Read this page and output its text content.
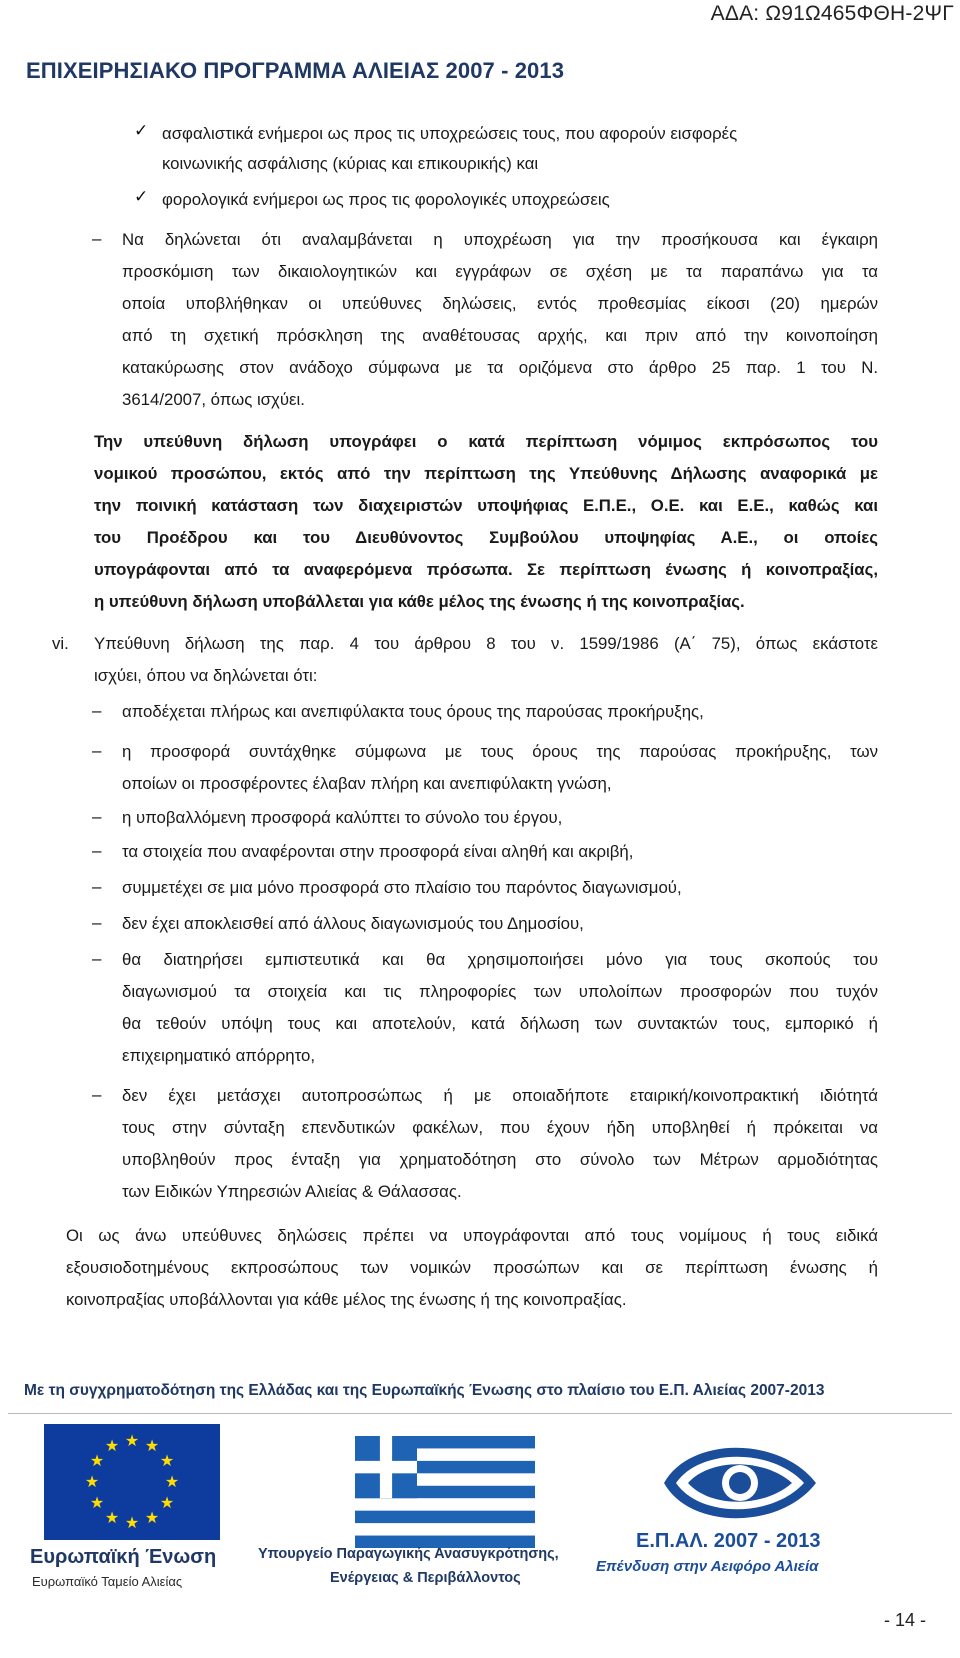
ΑΔΑ: Ω91Ω465ΦΘΗ-2ΨΓ
ΕΠΙΧΕΙΡΗΣΙΑΚΟ ΠΡΟΓΡΑΜΜΑ ΑΛΙΕΙΑΣ 2007 - 2013
✓ ασφαλιστικά ενήμεροι ως προς τις υποχρεώσεις τους, που αφορούν εισφορές
κοινωνικής ασφάλισης (κύριας και επικουρικής) και
✓ φορολογικά ενήμεροι ως προς τις φορολογικές υποχρεώσεις
– Να δηλώνεται ότι αναλαμβάνεται η υποχρέωση για την προσήκουσα και έγκαιρη
προσκόμιση των δικαιολογητικών και εγγράφων σε σχέση με τα παραπάνω για τα
οποία υποβλήθηκαν οι υπεύθυνες δηλώσεις, εντός προθεσμίας είκοσι (20) ημερών
από τη σχετική πρόσκληση της αναθέτουσας αρχής, και πριν από την κοινοποίηση
κατακύρωσης στον ανάδοχο σύμφωνα με τα οριζόμενα στο άρθρο 25 παρ. 1 του Ν.
3614/2007, όπως ισχύει.
Την υπεύθυνη δήλωση υπογράφει ο κατά περίπτωση νόμιμος εκπρόσωπος του
νομικού προσώπου, εκτός από την περίπτωση της Υπεύθυνης Δήλωσης αναφορικά με
την ποινική κατάσταση των διαχειριστών υποψήφιας Ε.Π.Ε., Ο.Ε. και Ε.Ε., καθώς και
του Προέδρου και του Διευθύνοντος Συμβούλου υποψηφίας Α.Ε., οι οποίες
υπογράφονται από τα αναφερόμενα πρόσωπα. Σε περίπτωση ένωσης ή κοινοπραξίας,
η υπεύθυνη δήλωση υποβάλλεται για κάθε μέλος της ένωσης ή της κοινοπραξίας.
vi. Υπεύθυνη δήλωση της παρ. 4 του άρθρου 8 του ν. 1599/1986 (Α΄ 75), όπως εκάστοτε
ισχύει, όπου να δηλώνεται ότι:
– αποδέχεται πλήρως και ανεπιφύλακτα τους όρους της παρούσας προκήρυξης,
– η προσφορά συντάχθηκε σύμφωνα με τους όρους της παρούσας προκήρυξης, των
οποίων οι προσφέροντες έλαβαν πλήρη και ανεπιφύλακτη γνώση,
– η υποβαλλόμενη προσφορά καλύπτει το σύνολο του έργου,
– τα στοιχεία που αναφέρονται στην προσφορά είναι αληθή και ακριβή,
– συμμετέχει σε μια μόνο προσφορά στο πλαίσιο του παρόντος διαγωνισμού,
– δεν έχει αποκλεισθεί από άλλους διαγωνισμούς του Δημοσίου,
– θα διατηρήσει εμπιστευτικά και θα χρησιμοποιήσει μόνο για τους σκοπούς του
διαγωνισμού τα στοιχεία και τις πληροφορίες των υπολοίπων προσφορών που τυχόν
θα τεθούν υπόψη τους και αποτελούν, κατά δήλωση των συντακτών τους, εμπορικό ή
επιχειρηματικό απόρρητο,
– δεν έχει μετάσχει αυτοπροσώπως ή με οποιαδήποτε εταιρική/κοινοπρακτική ιδιότητά
τους στην σύνταξη επενδυτικών φακέλων, που έχουν ήδη υποβληθεί ή πρόκειται να
υποβληθούν προς ένταξη για χρηματοδότηση στο σύνολο των Μέτρων αρμοδιότητας
των Ειδικών Υπηρεσιών Αλιείας & Θάλασσας.
Οι ως άνω υπεύθυνες δηλώσεις πρέπει να υπογράφονται από τους νομίμους ή τους ειδικά
εξουσιοδοτημένους εκπροσώπους των νομικών προσώπων και σε περίπτωση ένωσης ή
κοινοπραξίας υποβάλλονται για κάθε μέλος της ένωσης ή της κοινοπραξίας.
Με τη συγχρηματοδότηση της Ελλάδας και της Ευρωπαϊκής Ένωσης στο πλαίσιο του Ε.Π. Αλιείας 2007-2013
★ ★
★
★
★
★
★
★
★
★
★
★
Ευρωπαϊκή Ένωση
Ευρωπαϊκό Ταμείο Αλιείας
Υπουργείο Παραγωγικής Ανασυγκρότησης,
Ενέργειας & Περιβάλλοντος
Ε.Π.ΑΛ. 2007 - 2013
Επένδυση στην Αειφόρο Αλιεία
- 14 -
